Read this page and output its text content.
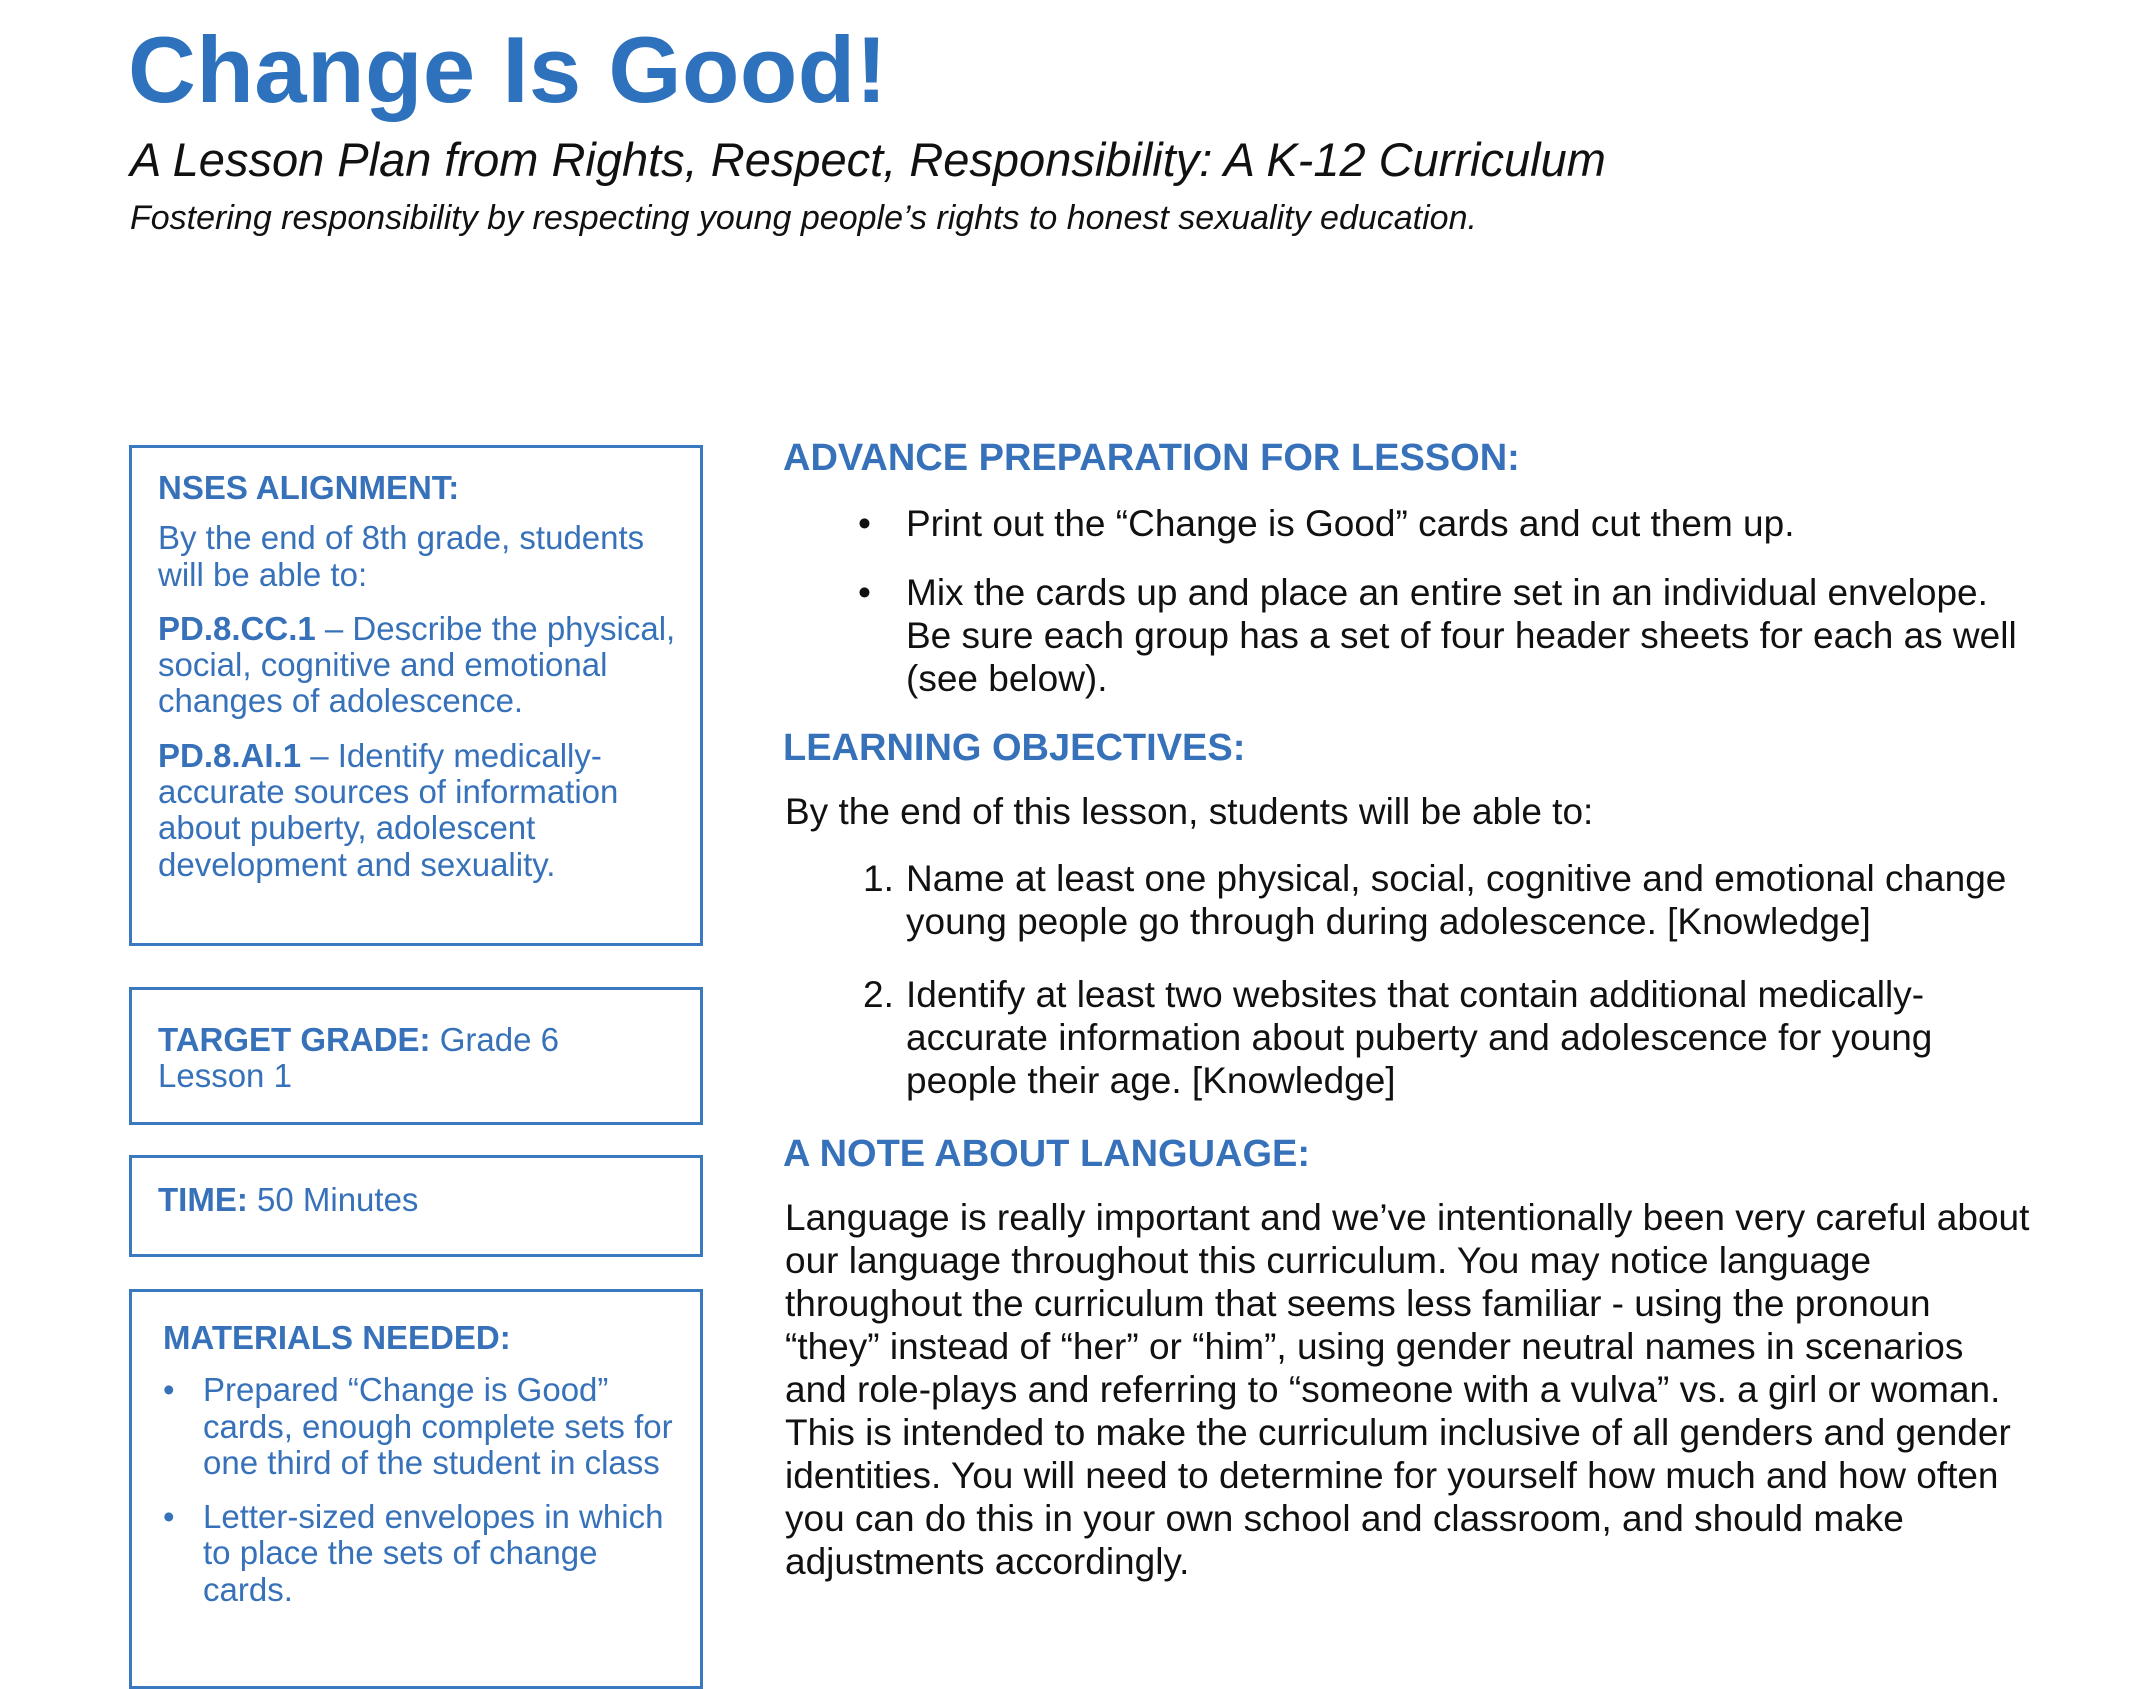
Change Is Good!
A Lesson Plan from Rights, Respect, Responsibility: A K-12 Curriculum
Fostering responsibility by respecting young people’s rights to honest sexuality education.

NSES ALIGNMENT:

By the end of 8th grade, students will be able to:

PD.8.CC.1 – Describe the physical, social, cognitive and emotional changes of adolescence.

PD.8.AI.1 – Identify medically-accurate sources of information about puberty, adolescent development and sexuality.

TARGET GRADE: Grade 6

Lesson 1

TIME: 50 Minutes

MATERIALS NEEDED:

• Prepared “Change is Good” cards, enough complete sets for one third of the student in class
• Letter-sized envelopes in which to place the sets of change cards.
ADVANCE PREPARATION FOR LESSON:
• Print out the “Change is Good” cards and cut them up.
• Mix the cards up and place an entire set in an individual envelope. Be sure each group has a set of four header sheets for each as well (see below).
LEARNING OBJECTIVES:

By the end of this lesson, students will be able to:

1. Name at least one physical, social, cognitive and emotional change young people go through during adolescence. [Knowledge]
2. Identify at least two websites that contain additional medically-accurate information about puberty and adolescence for young people their age. [Knowledge]
A NOTE ABOUT LANGUAGE:

Language is really important and we’ve intentionally been very careful about our language throughout this curriculum. You may notice language throughout the curriculum that seems less familiar - using the pronoun “they” instead of “her” or “him”, using gender neutral names in scenarios and role-plays and referring to “someone with a vulva” vs. a girl or woman. This is intended to make the curriculum inclusive of all genders and gender identities. You will need to determine for yourself how much and how often you can do this in your own school and classroom, and should make adjustments accordingly.
